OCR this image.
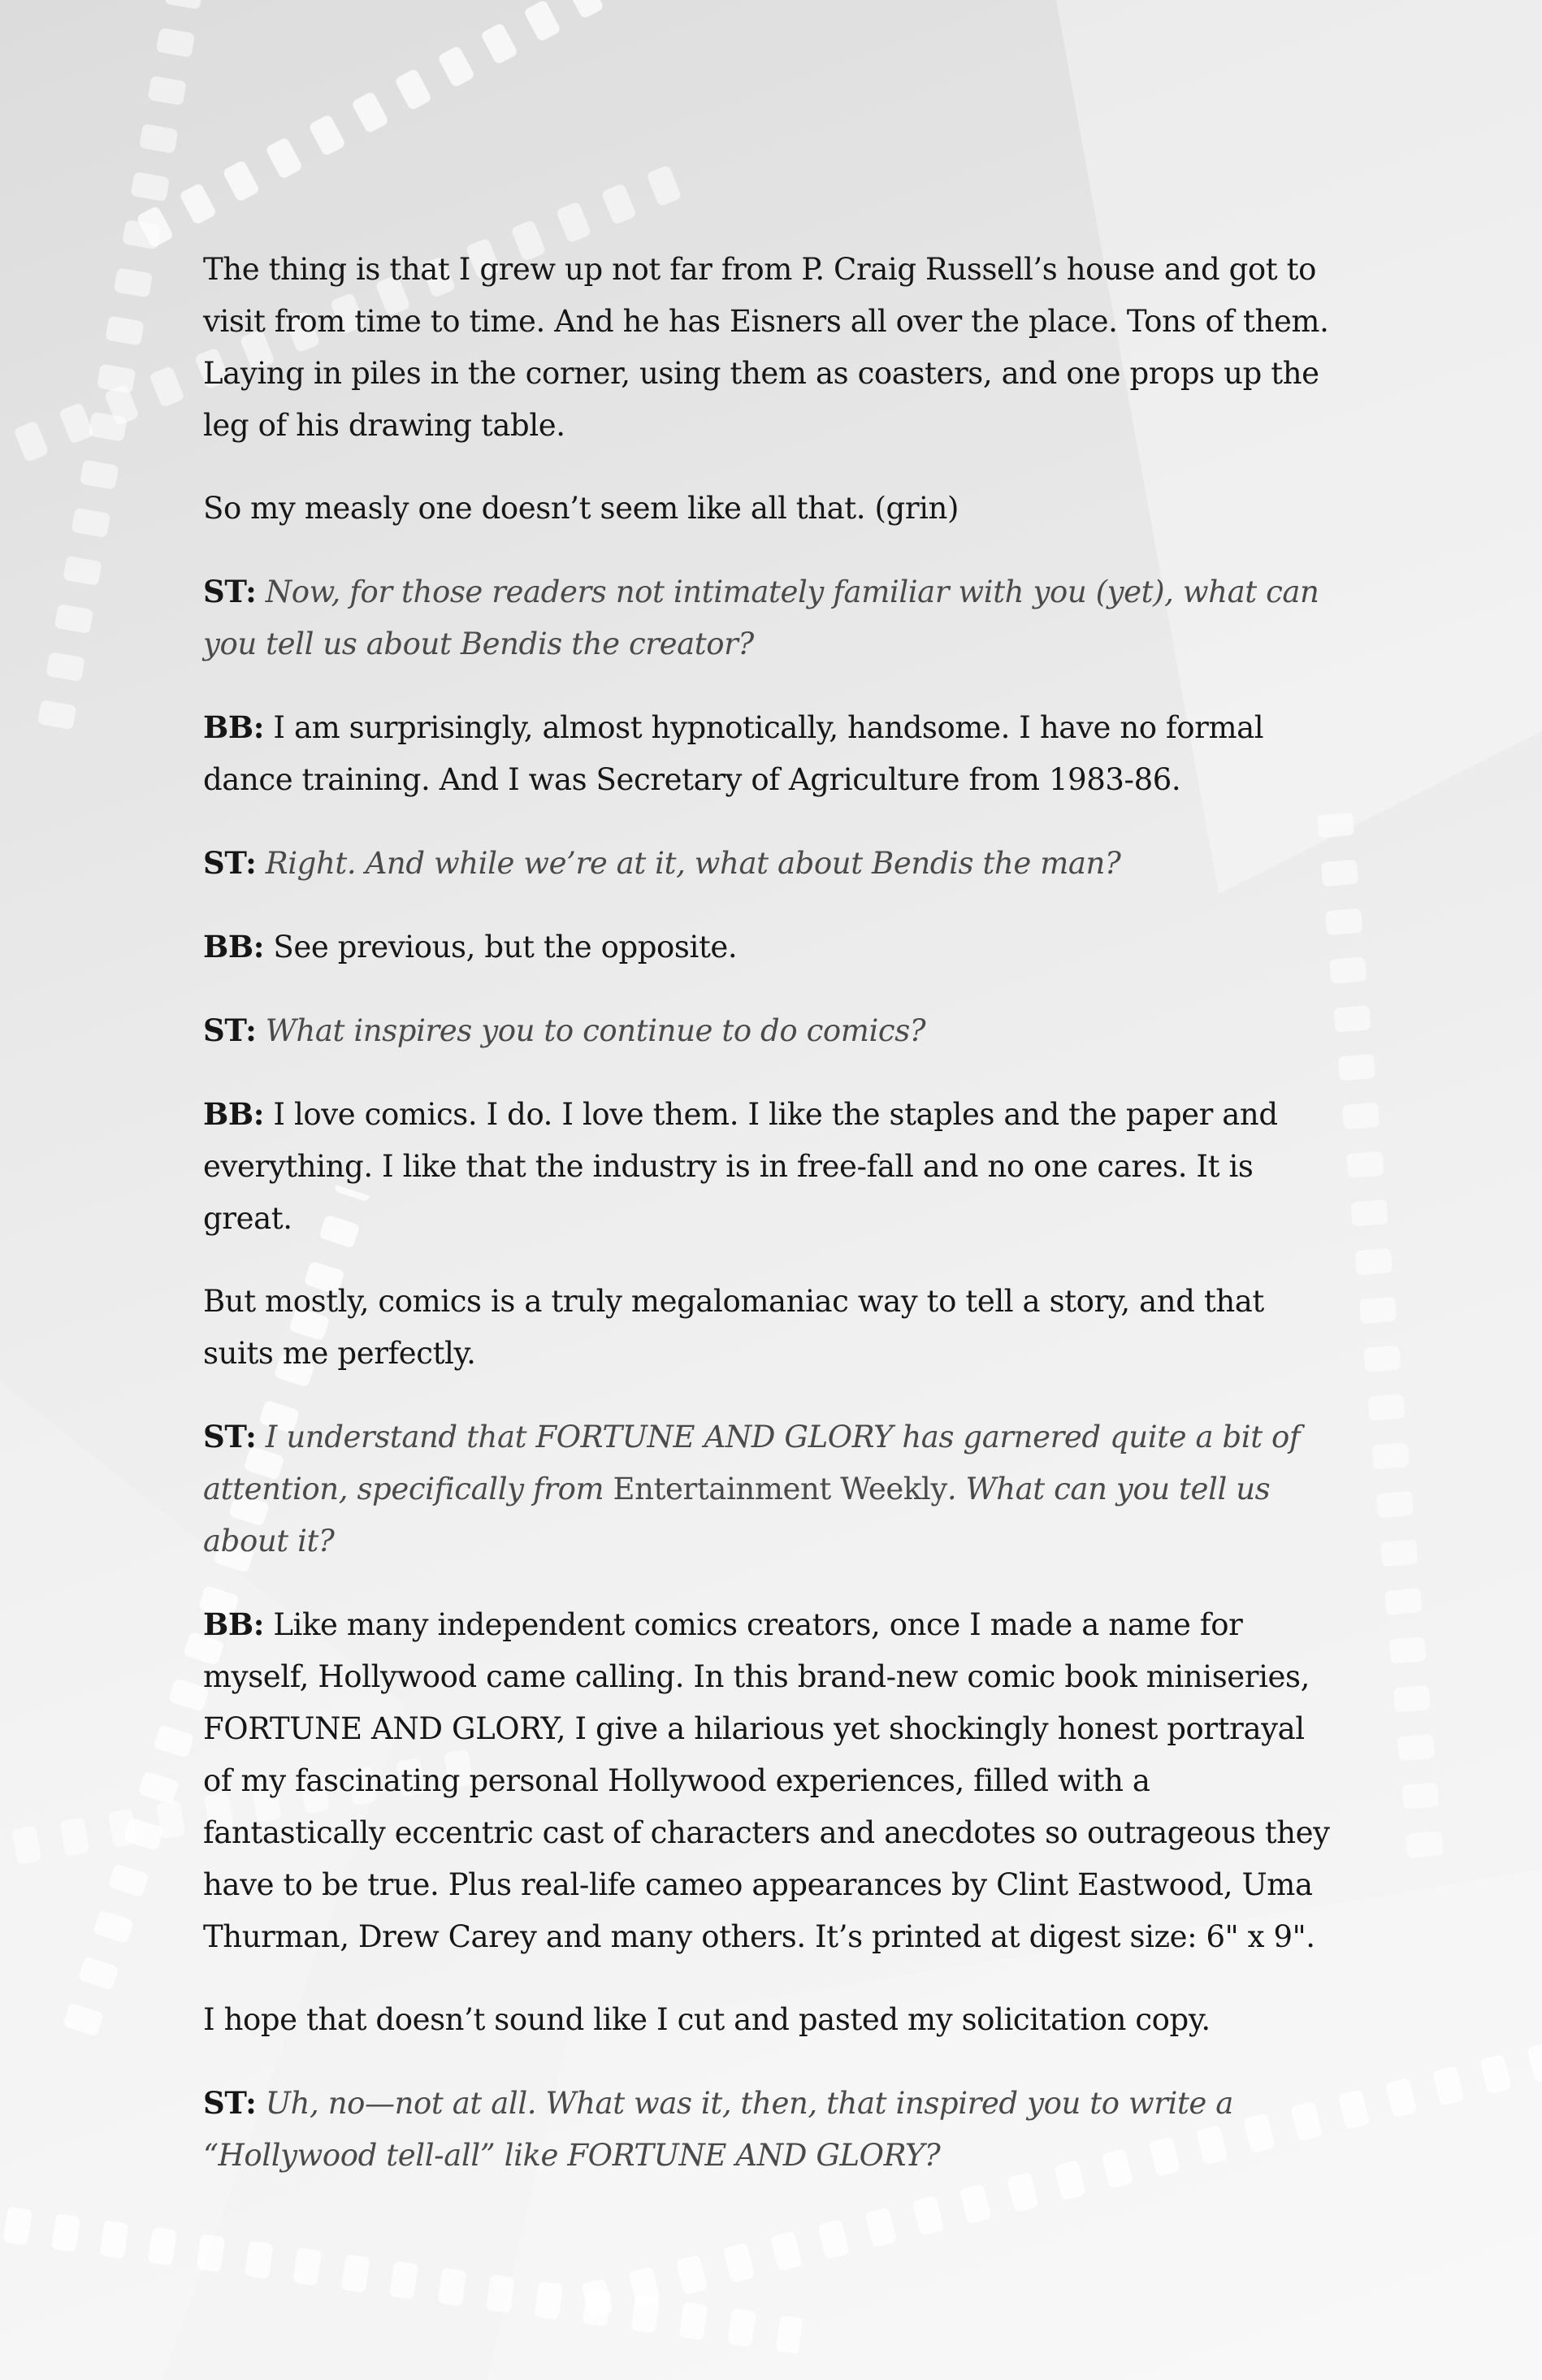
The thing is that I grew up not far from P. Craig Russell’s house and got to visit from time to time. And he has Eisners all over the place. Tons of them. Laying in piles in the corner, using them as coasters, and one props up the leg of his drawing table.

So my measly one doesn’t seem like all that. (grin)

ST: Now, for those readers not intimately familiar with you (yet), what can you tell us about Bendis the creator?

BB: I am surprisingly, almost hypnotically, handsome. I have no formal dance training. And I was Secretary of Agriculture from 1983-86.

ST: Right. And while we’re at it, what about Bendis the man?

BB: See previous, but the opposite.

ST: What inspires you to continue to do comics?

BB: I love comics. I do. I love them. I like the staples and the paper and everything. I like that the industry is in free-fall and no one cares. It is great.

But mostly, comics is a truly megalomaniac way to tell a story, and that suits me perfectly.

ST: I understand that FORTUNE AND GLORY has garnered quite a bit of attention, specifically from Entertainment Weekly. What can you tell us about it?

BB: Like many independent comics creators, once I made a name for myself, Hollywood came calling. In this brand-new comic book miniseries, FORTUNE AND GLORY, I give a hilarious yet shockingly honest portrayal of my fascinating personal Hollywood experiences, filled with a fantastically eccentric cast of characters and anecdotes so outrageous they have to be true. Plus real-life cameo appearances by Clint Eastwood, Uma Thurman, Drew Carey and many others. It’s printed at digest size: 6" x 9".

I hope that doesn’t sound like I cut and pasted my solicitation copy.

ST: Uh, no—not at all. What was it, then, that inspired you to write a “Hollywood tell-all” like FORTUNE AND GLORY?
